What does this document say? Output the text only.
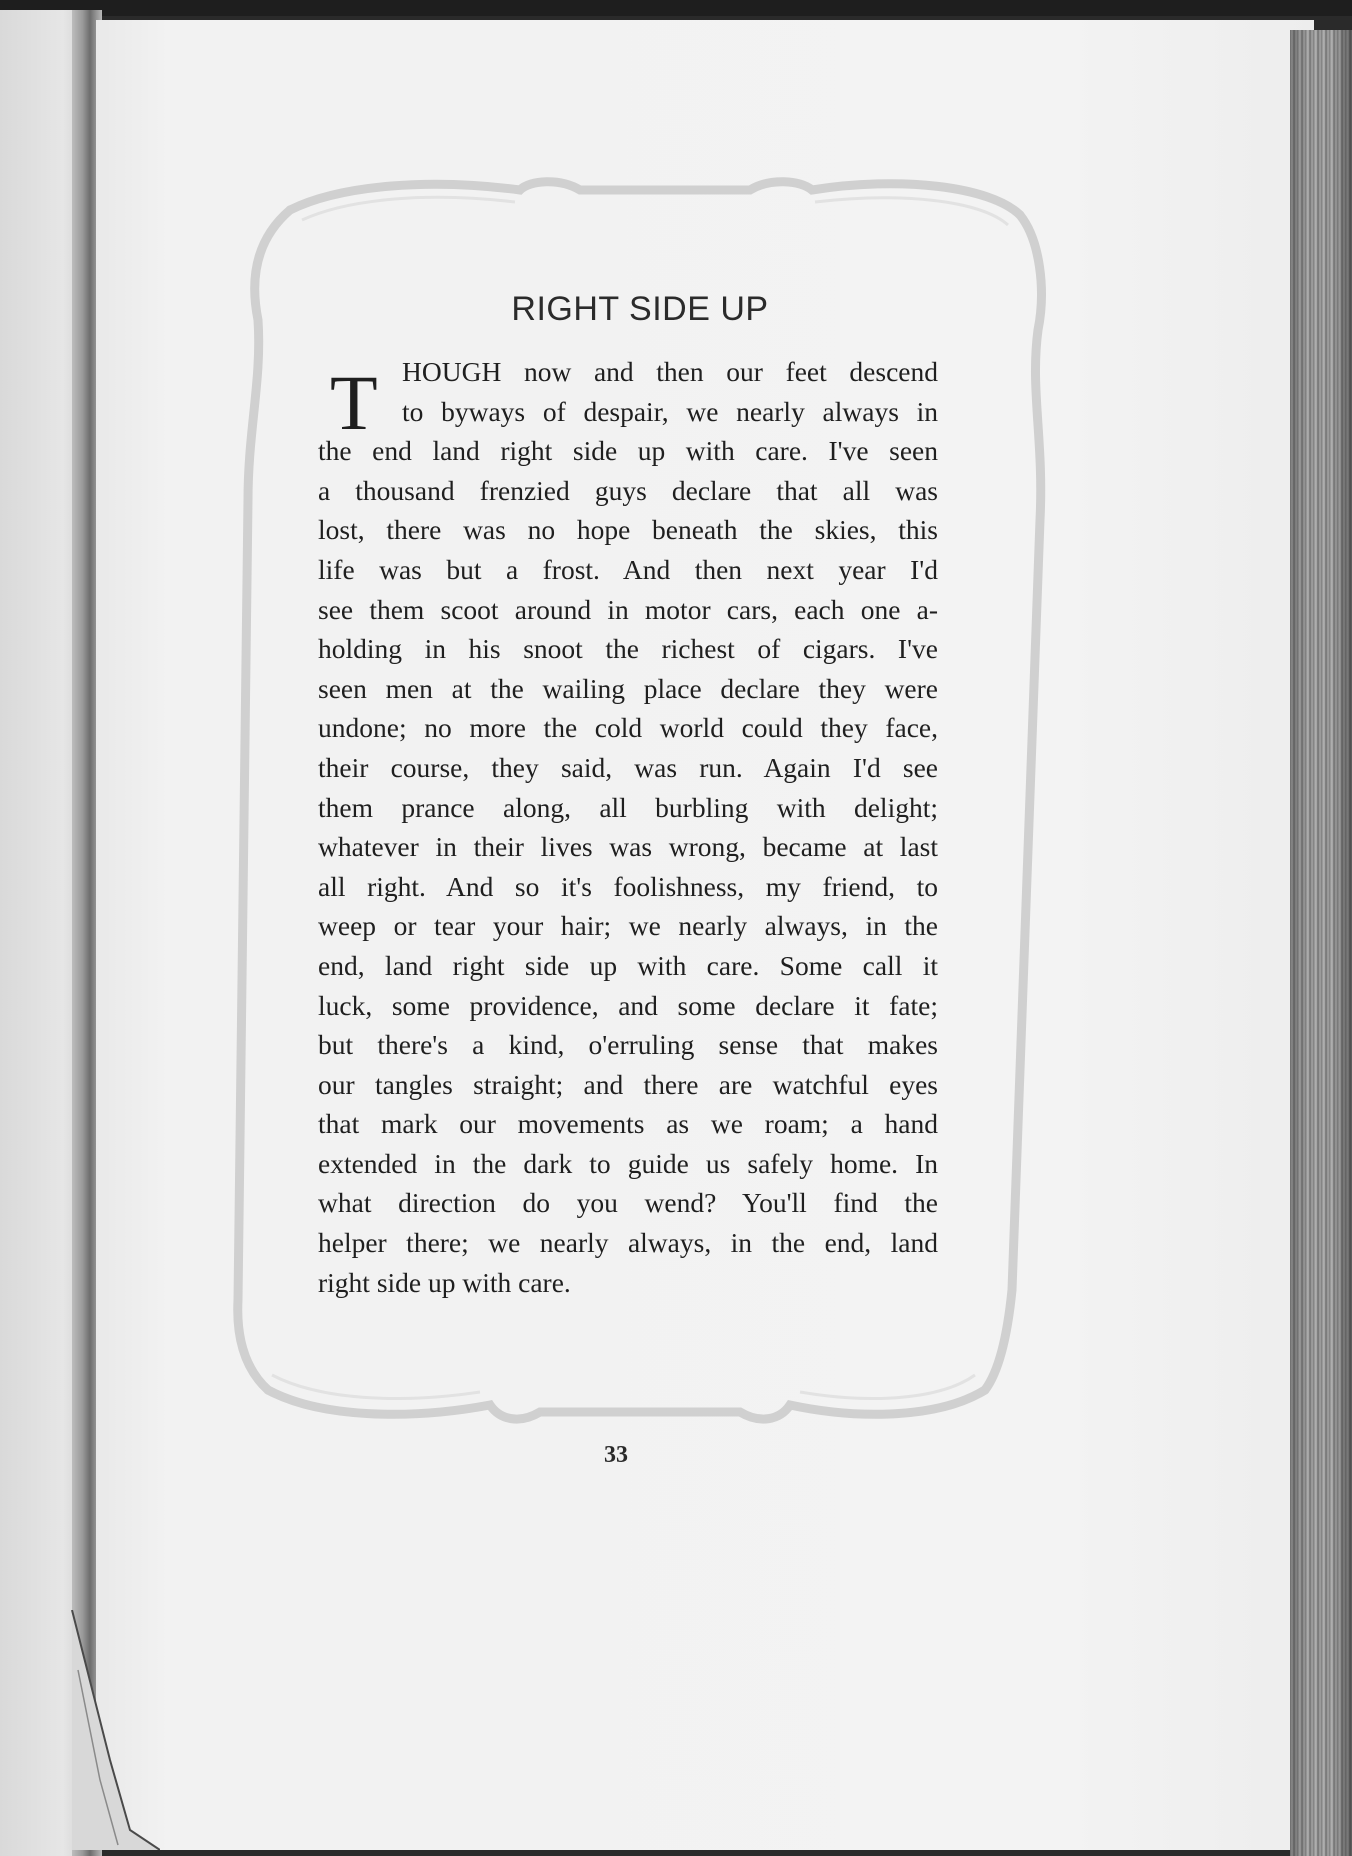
RIGHT SIDE UP
T HOUGH now and then our feet descend
to byways of despair, we nearly always in
the end land right side up with care. I've seen
a thousand frenzied guys declare that all was
lost, there was no hope beneath the skies, this
life was but a frost. And then next year I'd
see them scoot around in motor cars, each one a-
holding in his snoot the richest of cigars. I've
seen men at the wailing place declare they were
undone; no more the cold world could they face,
their course, they said, was run. Again I'd see
them prance along, all burbling with delight;
whatever in their lives was wrong, became at last
all right. And so it's foolishness, my friend, to
weep or tear your hair; we nearly always, in the
end, land right side up with care. Some call it
luck, some providence, and some declare it fate;
but there's a kind, o'erruling sense that makes
our tangles straight; and there are watchful eyes
that mark our movements as we roam; a hand
extended in the dark to guide us safely home. In
what direction do you wend? You'll find the
helper there; we nearly always, in the end, land
right side up with care.
33
